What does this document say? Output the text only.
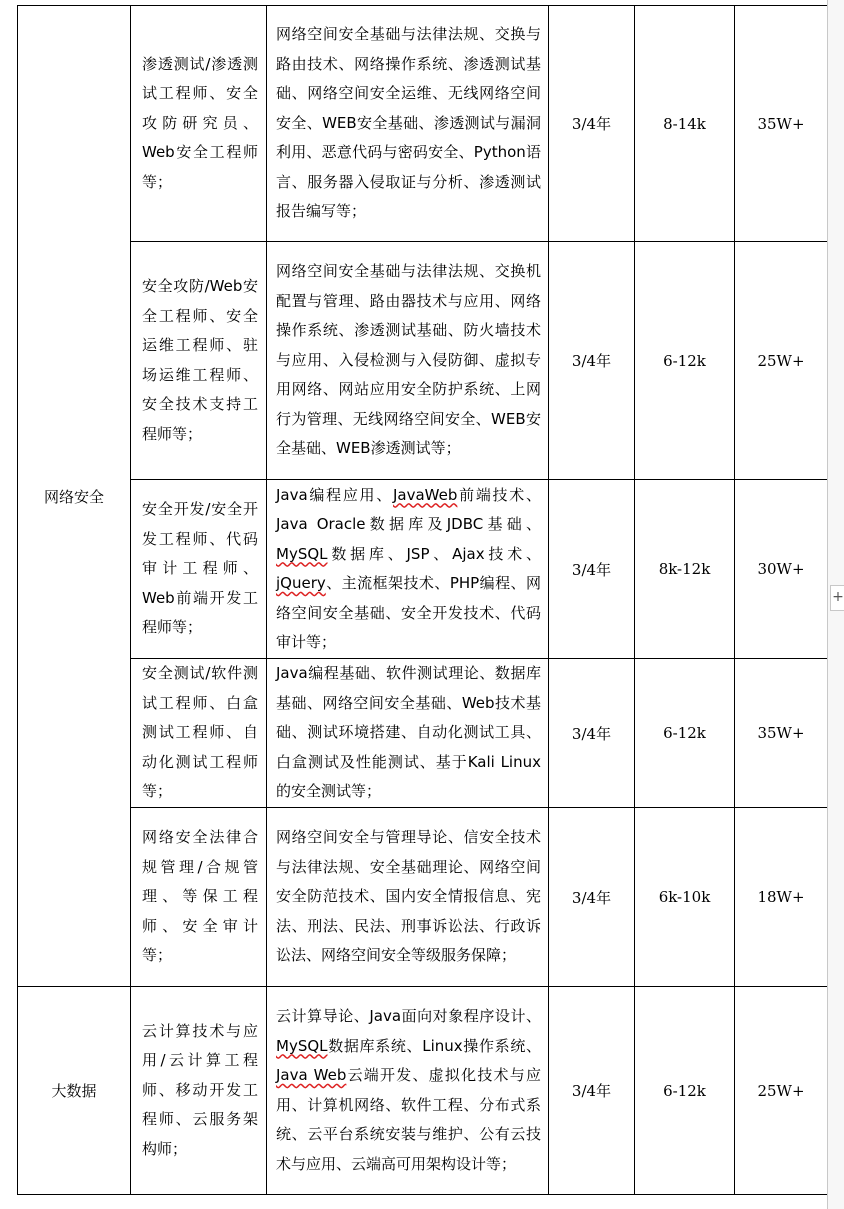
网络安全	渗透测试/渗透测试工程师、安全攻防研究员、Web安全工程师等；	网络空间安全基础与法律法规、交换与路由技术、网络操作系统、渗透测试基础、网络空间安全运维、无线网络空间安全、WEB安全基础、渗透测试与漏洞利用、恶意代码与密码安全、Python语言、服务器入侵取证与分析、渗透测试报告编写等；	3/4年	8-14k	35W+
	安全攻防/Web安全工程师、安全运维工程师、驻场运维工程师、安全技术支持工程师等；	网络空间安全基础与法律法规、交换机配置与管理、路由器技术与应用、网络操作系统、渗透测试基础、防火墙技术与应用、入侵检测与入侵防御、虚拟专用网络、网站应用安全防护系统、上网行为管理、无线网络空间安全、WEB安全基础、WEB渗透测试等；	3/4年	6-12k	25W+
	安全开发/安全开发工程师、代码审计工程师、Web前端开发工程师等；	Java编程应用、JavaWeb前端技术、Java Oracle数据库及JDBC基础、MySQL数据库、JSP、Ajax技术、jQuery、主流框架技术、PHP编程、网络空间安全基础、安全开发技术、代码审计等；	3/4年	8k-12k	30W+
	安全测试/软件测试工程师、白盒测试工程师、自动化测试工程师等；	Java编程基础、软件测试理论、数据库基础、网络空间安全基础、Web技术基础、测试环境搭建、自动化测试工具、白盒测试及性能测试、基于Kali Linux的安全测试等；	3/4年	6-12k	35W+
	网络安全法律合规管理/合规管理、等保工程师、安全审计等；	网络空间安全与管理导论、信安全技术与法律法规、安全基础理论、网络空间安全防范技术、国内安全情报信息、宪法、刑法、民法、刑事诉讼法、行政诉讼法、网络空间安全等级服务保障；	3/4年	6k-10k	18W+
大数据	云计算技术与应用/云计算工程师、移动开发工程师、云服务架构师；	云计算导论、Java面向对象程序设计、MySQL数据库系统、Linux操作系统、Java Web云端开发、虚拟化技术与应用、计算机网络、软件工程、分布式系统、云平台系统安装与维护、公有云技术与应用、云端高可用架构设计等；	3/4年	6-12k	25W+
+
